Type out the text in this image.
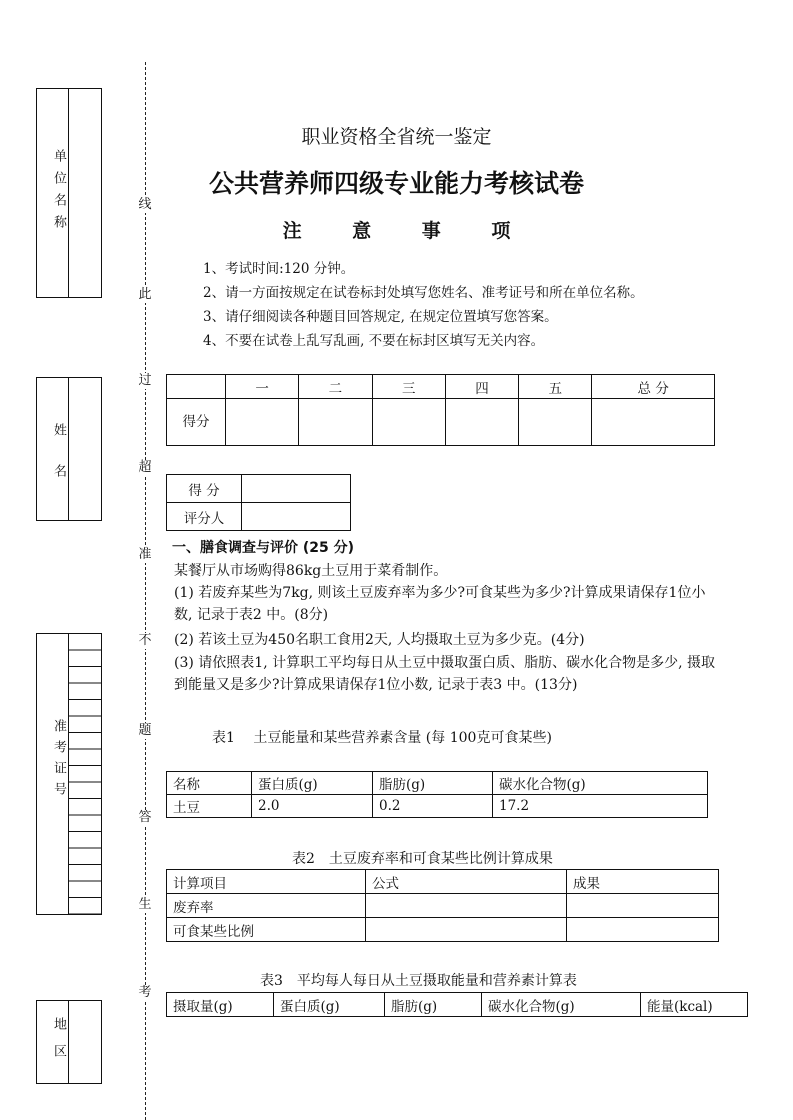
线
此
过
超
准
不
题
答
生
考
单位名称
姓名
准考证号
地区
职业资格全省统一鉴定
公共营养师四级专业能力考核试卷
注 意 事 项
1、考试时间:120 分钟。
2、请一方面按规定在试卷标封处填写您姓名、准考证号和所在单位名称。
3、请仔细阅读各种题目回答规定, 在规定位置填写您答案。
4、不要在试卷上乱写乱画, 不要在标封区填写无关内容。
	一	二	三	四	五	总 分
得分						
得 分	
评分人	
一、膳食调查与评价 (25 分)
某餐厅从市场购得86kg土豆用于菜肴制作。
(1) 若废弃某些为7kg, 则该土豆废弃率为多少?可食某些为多少?计算成果请保存1位小数, 记录于表2 中。(8分)
(2) 若该土豆为450名职工食用2天, 人均摄取土豆为多少克。(4分)
(3) 请依照表1, 计算职工平均每日从土豆中摄取蛋白质、脂肪、碳水化合物是多少, 摄取到能量又是多少?计算成果请保存1位小数, 记录于表3 中。(13分)
表1　 土豆能量和某些营养素含量 (每 100克可食某些)
名称	蛋白质(g)	脂肪(g)	碳水化合物(g)
土豆	2.0	0.2	17.2
表2　土豆废弃率和可食某些比例计算成果
计算项目	公式	成果
废弃率		
可食某些比例		
表3　平均每人每日从土豆摄取能量和营养素计算表
摄取量(g)	蛋白质(g)	脂肪(g)	碳水化合物(g)	能量(kcal)
